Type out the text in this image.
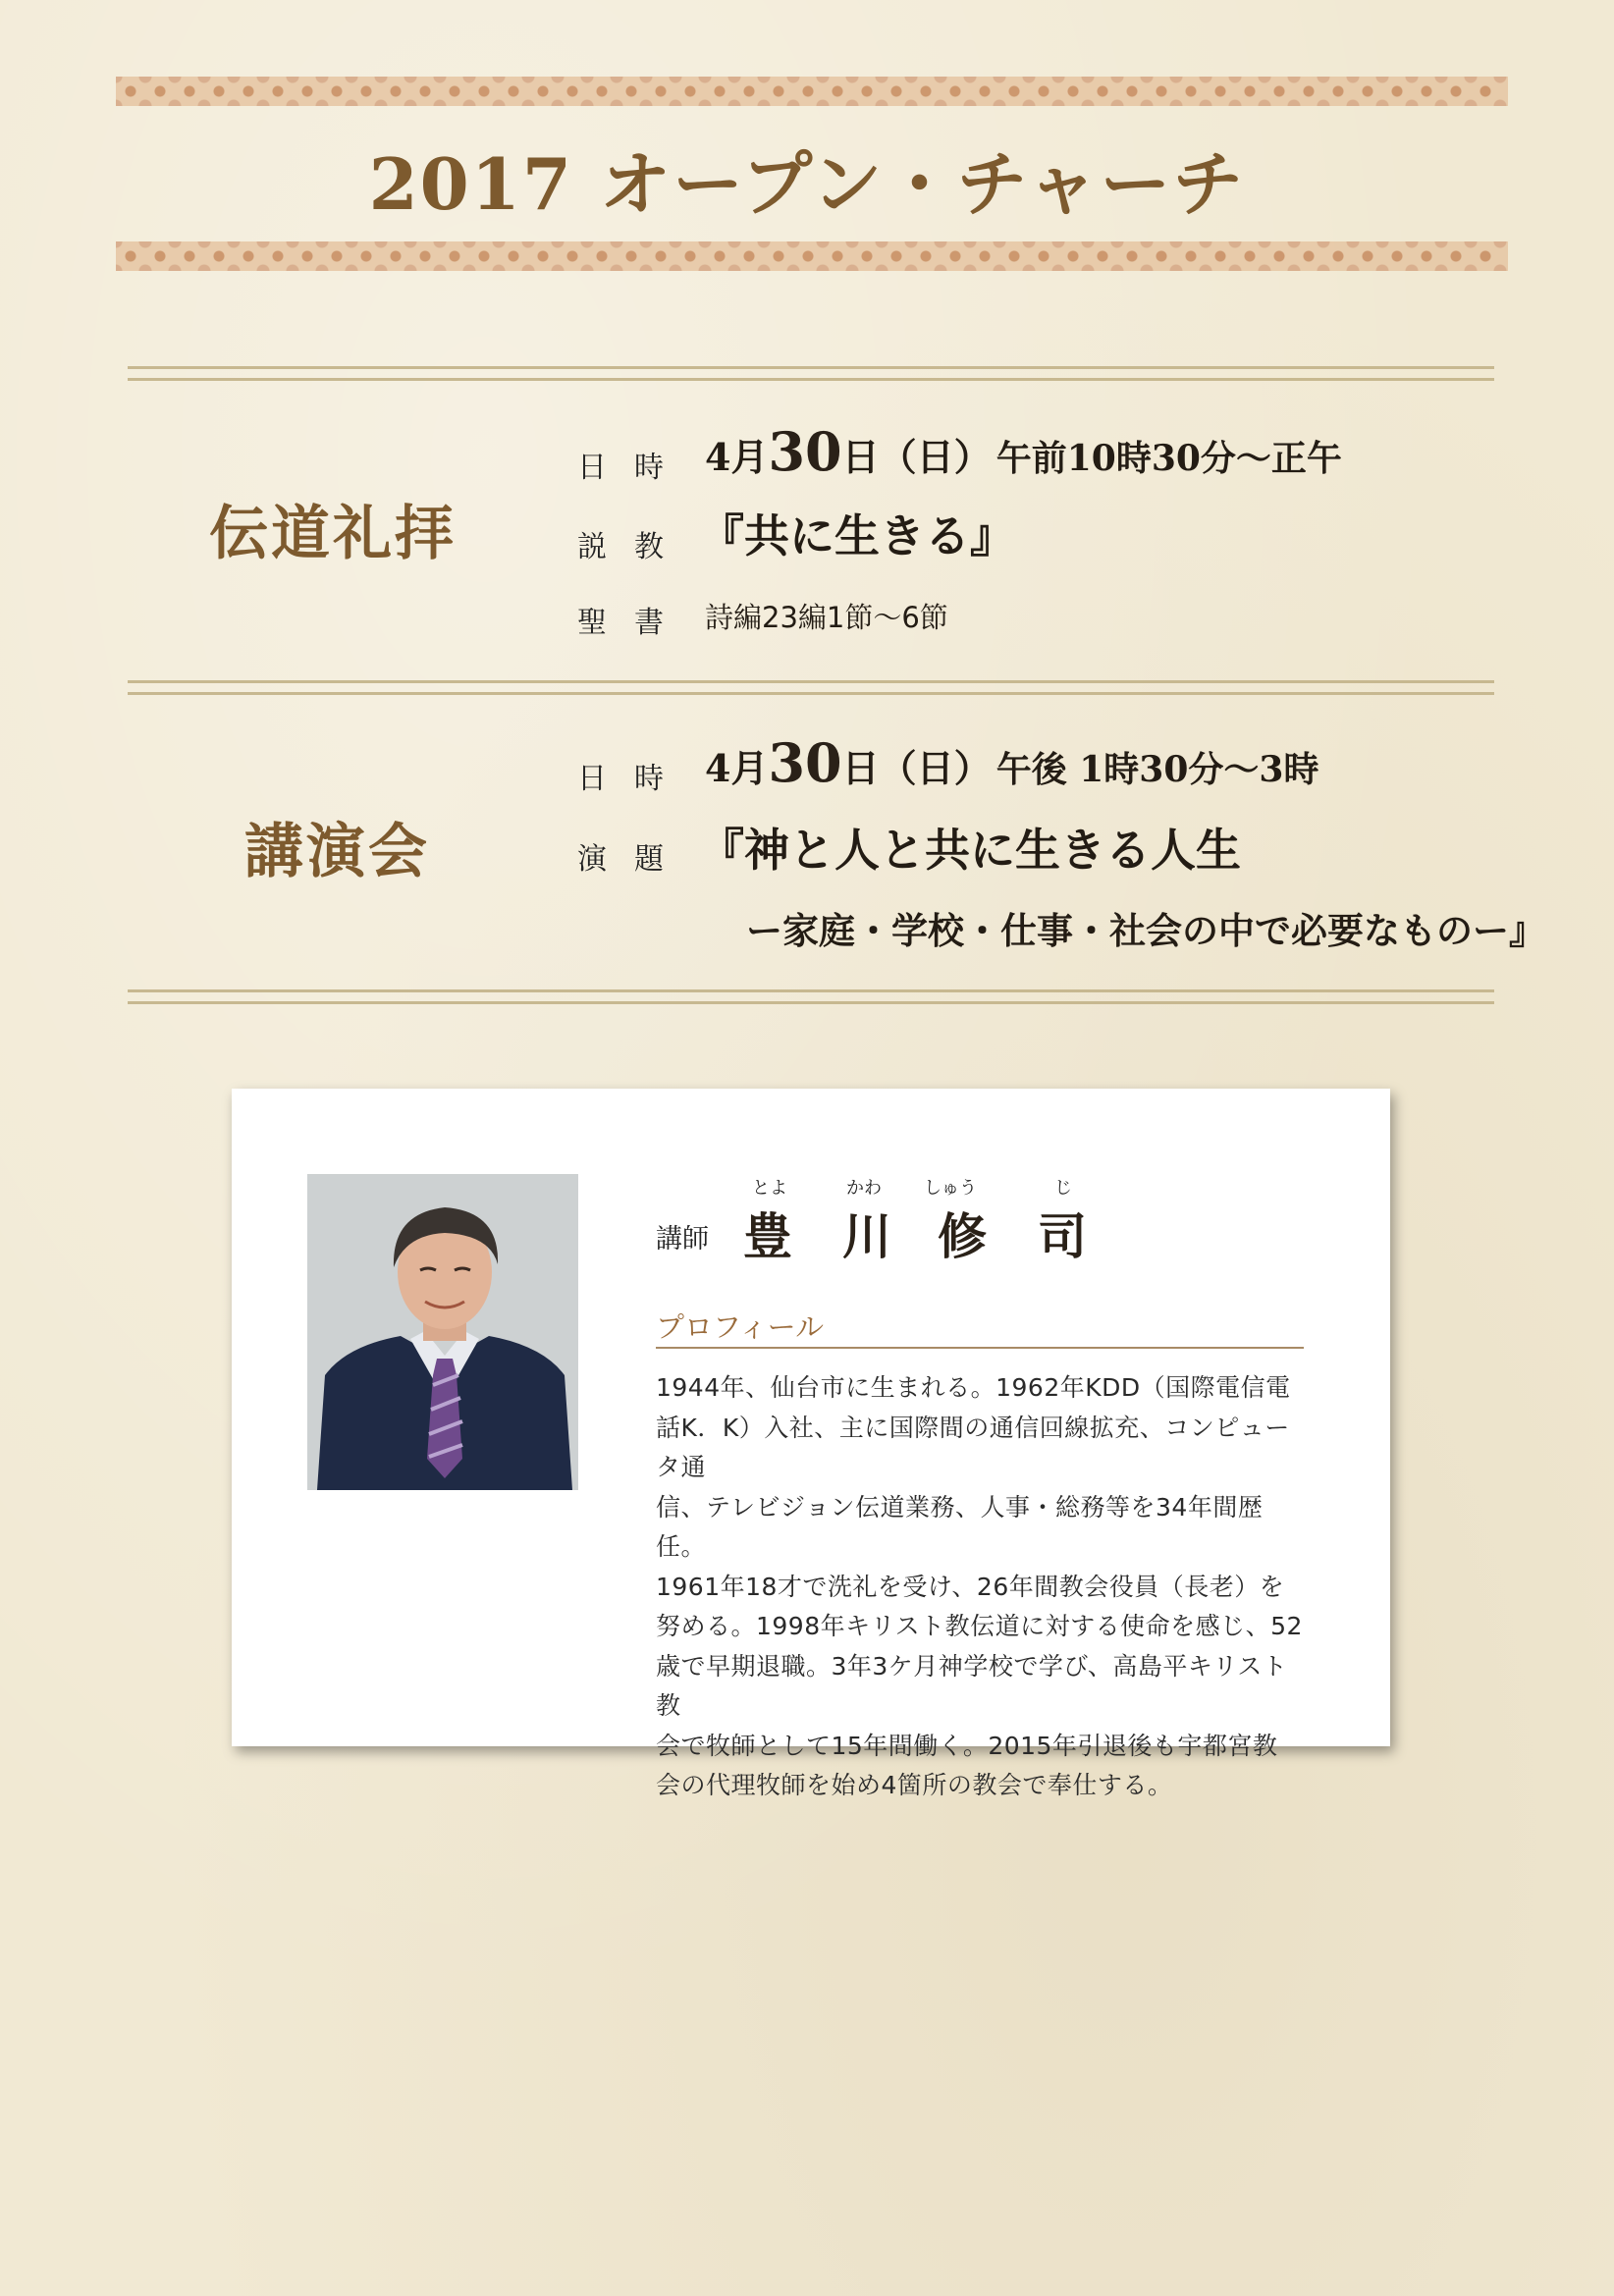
2017 オープン・チャーチ
伝道礼拝
日時 4月30日（日） 午前10時30分〜正午
説教 『共に生きる』
聖書 詩編23編1節〜6節
講演会
日時 4月30日（日） 午後 1時30分〜3時
演題 『神と人と共に生きる人生
ー家庭・学校・仕事・社会の中で必要なものー』
講師
とよ	かわ しゅう	じ
豊 川 修 司
プロフィール
1944年、仙台市に生まれる。1962年KDD（国際電信電
話K．K）入社、主に国際間の通信回線拡充、コンピュータ通
信、テレビジョン伝道業務、人事・総務等を34年間歴任。
1961年18才で洗礼を受け、26年間教会役員（長老）を
努める。1998年キリスト教伝道に対する使命を感じ、52
歳で早期退職。3年3ケ月神学校で学び、高島平キリスト教
会で牧師として15年間働く。2015年引退後も宇都宮教
会の代理牧師を始め4箇所の教会で奉仕する。
